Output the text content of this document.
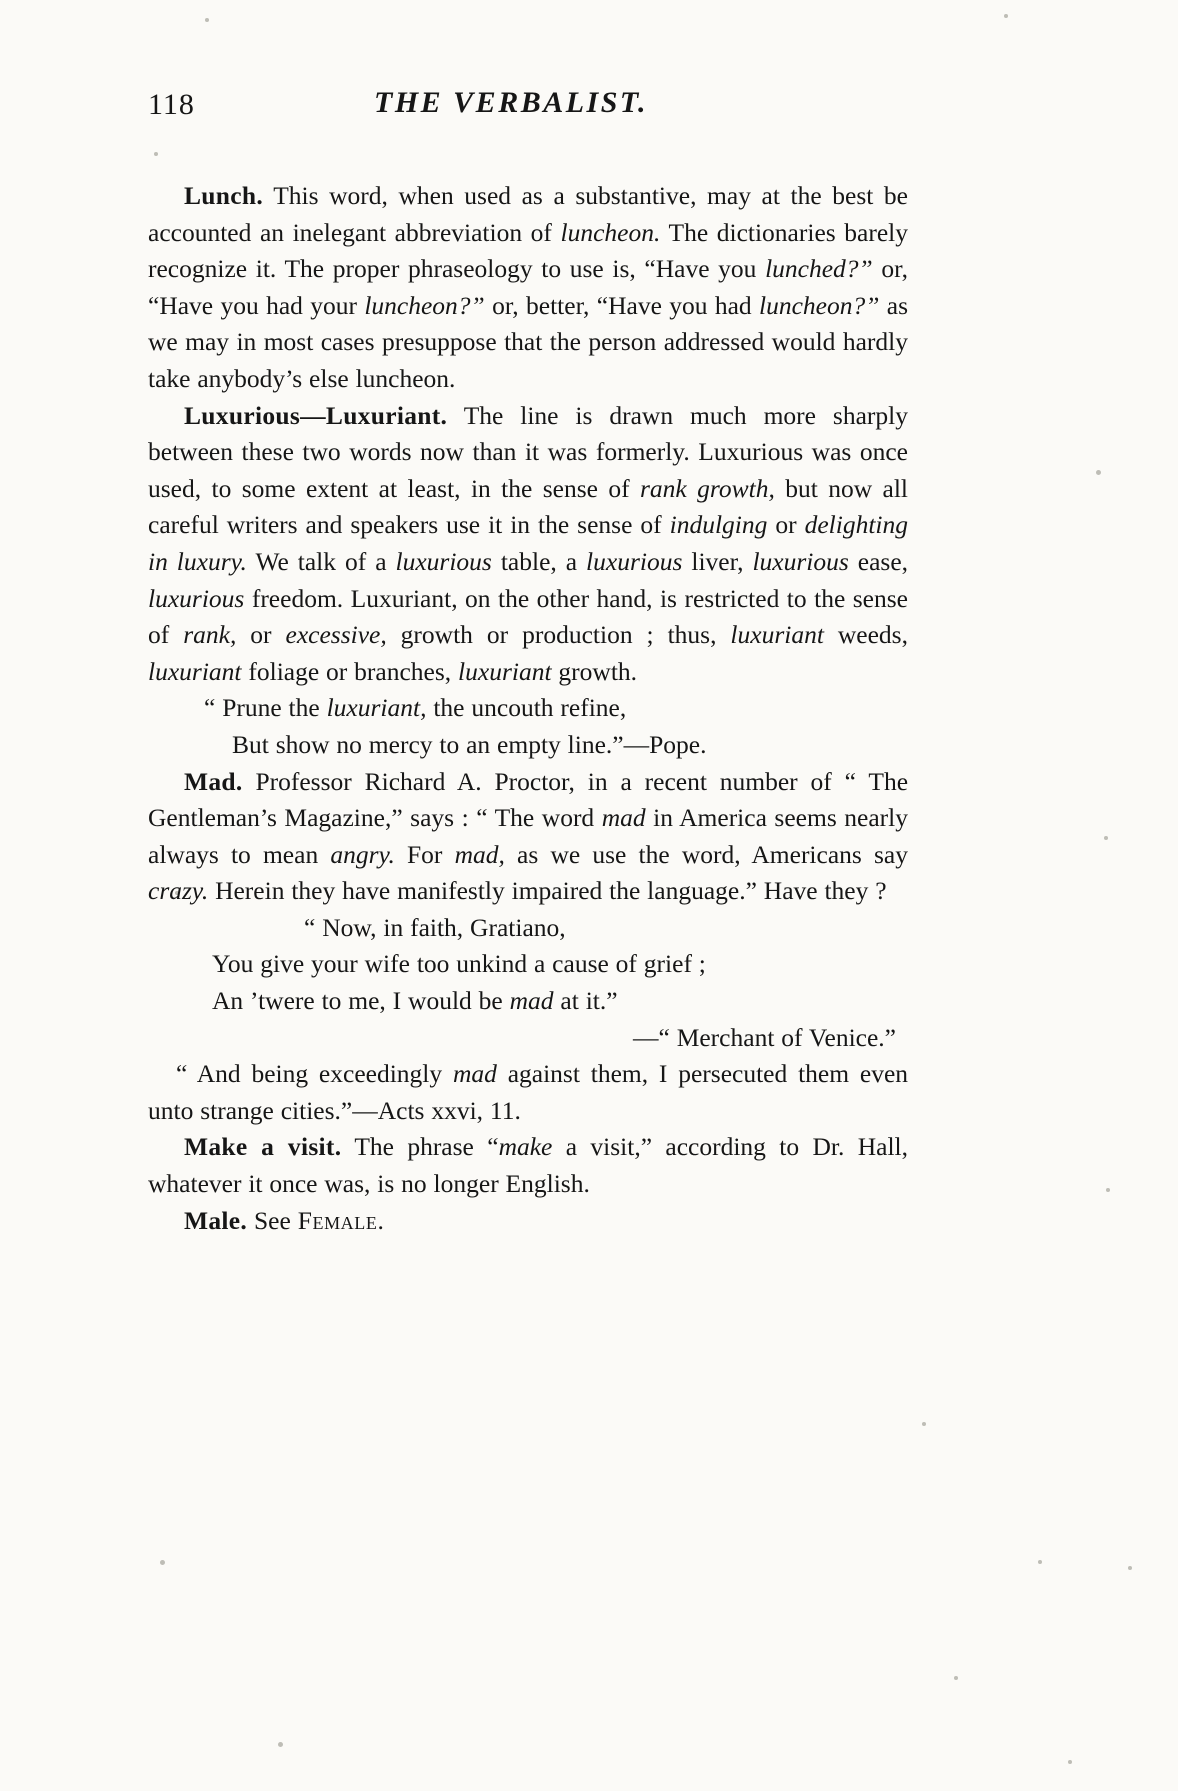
118	THE VERBALIST.

Lunch. This word, when used as a substantive, may at the best be accounted an inelegant abbreviation of luncheon. The dictionaries barely recognize it. The proper phraseology to use is, “Have you lunched?” or, “Have you had your luncheon?” or, better, “Have you had luncheon?” as we may in most cases presuppose that the person addressed would hardly take anybody’s else luncheon.

Luxurious—Luxuriant. The line is drawn much more sharply between these two words now than it was formerly. Luxurious was once used, to some extent at least, in the sense of rank growth, but now all careful writers and speakers use it in the sense of indulging or delighting in luxury. We talk of a luxurious table, a luxurious liver, luxurious ease, luxurious freedom. Luxuriant, on the other hand, is restricted to the sense of rank, or excessive, growth or production ; thus, luxuriant weeds, luxuriant foliage or branches, luxuriant growth.

“ Prune the luxuriant, the uncouth refine,

But show no mercy to an empty line.”—Pope.

Mad. Professor Richard A. Proctor, in a recent number of “ The Gentleman’s Magazine,” says : “ The word mad in America seems nearly always to mean angry. For mad, as we use the word, Americans say crazy. Herein they have manifestly impaired the language.” Have they ?

“ Now, in faith, Gratiano,

You give your wife too unkind a cause of grief ;

An ’twere to me, I would be mad at it.”

—“ Merchant of Venice.”

“ And being exceedingly mad against them, I persecuted them even unto strange cities.”—Acts xxvi, 11.

Make a visit. The phrase “make a visit,” according to Dr. Hall, whatever it once was, is no longer English.

Male. See Female.
